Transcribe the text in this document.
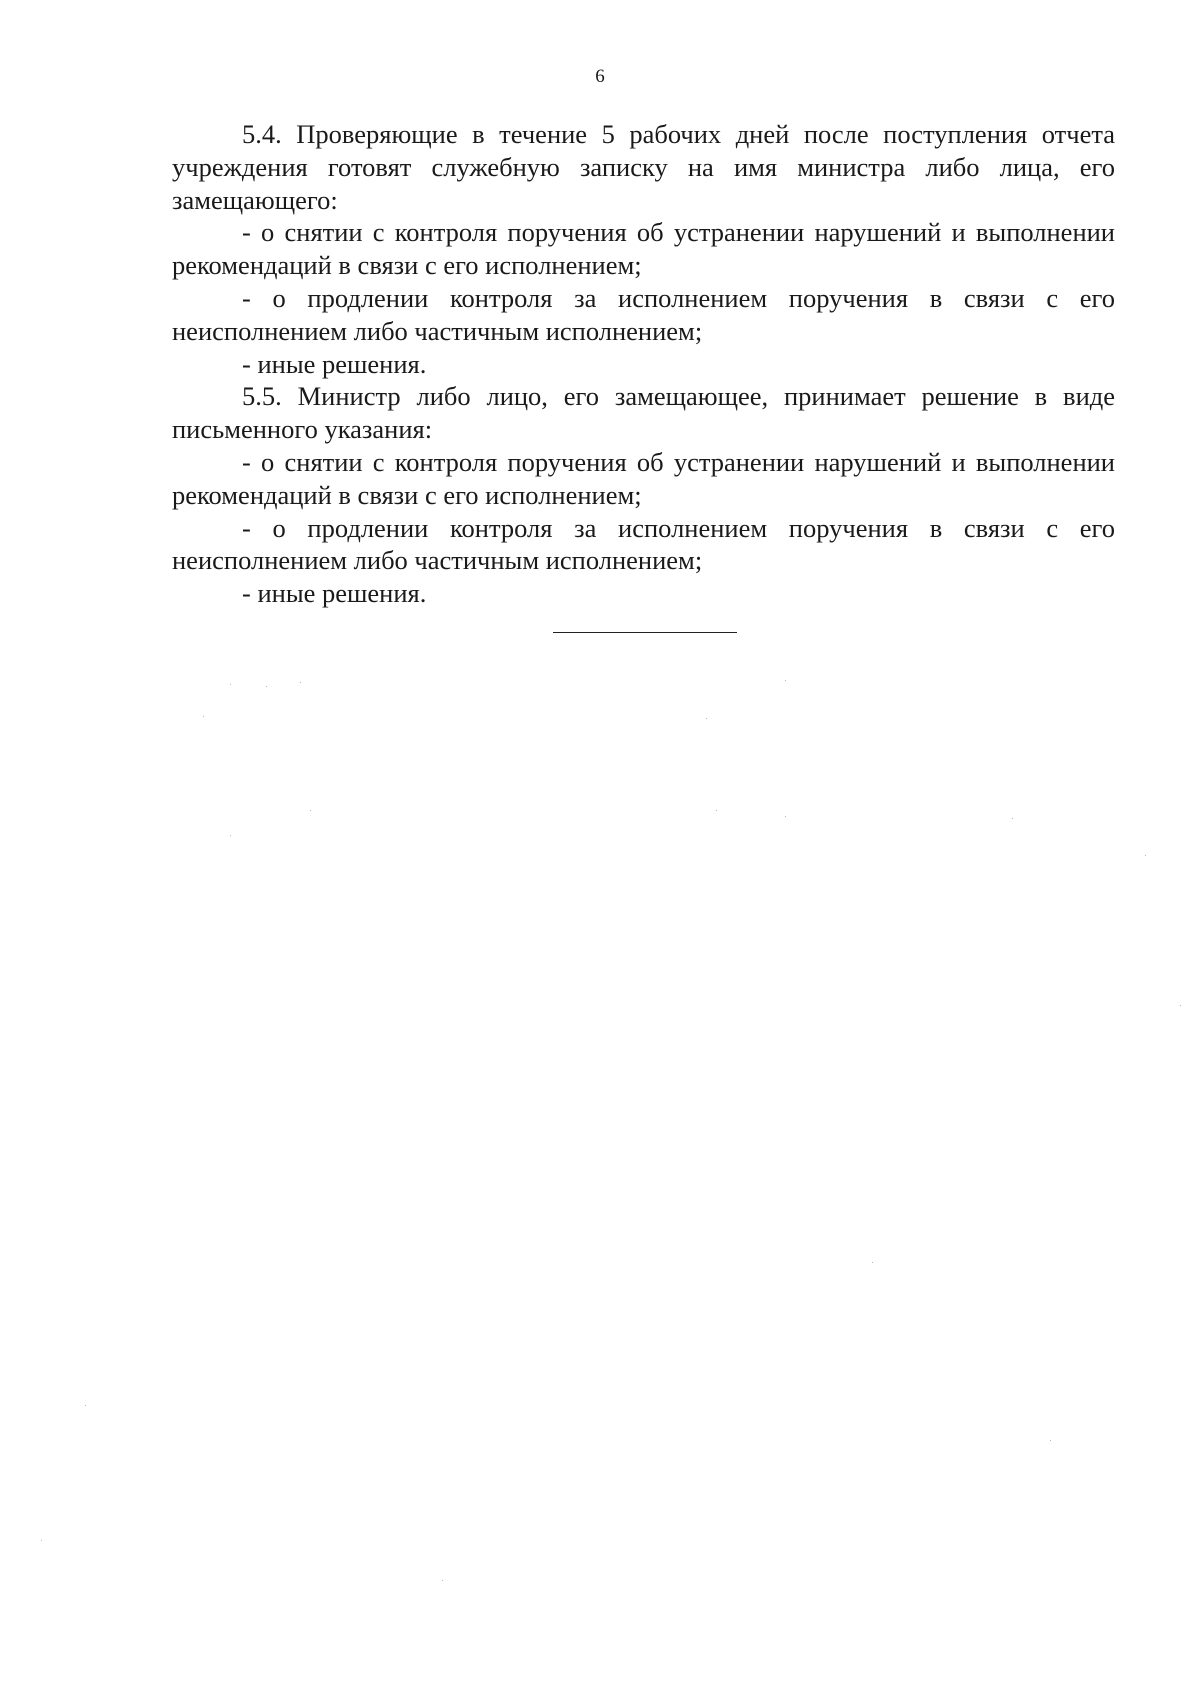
6

5.4. Проверяющие в течение 5 рабочих дней после поступления отчета учреждения готовят служебную записку на имя министра либо лица, его замещающего:

- о снятии с контроля поручения об устранении нарушений и выполнении рекомендаций в связи с его исполнением;

- о продлении контроля за исполнением поручения в связи с его неисполнением либо частичным исполнением;

- иные решения.

5.5. Министр либо лицо, его замещающее, принимает решение в виде письменного указания:

- о снятии с контроля поручения об устранении нарушений и выполнении рекомендаций в связи с его исполнением;

- о продлении контроля за исполнением поручения в связи с его неисполнением либо частичным исполнением;

- иные решения.
